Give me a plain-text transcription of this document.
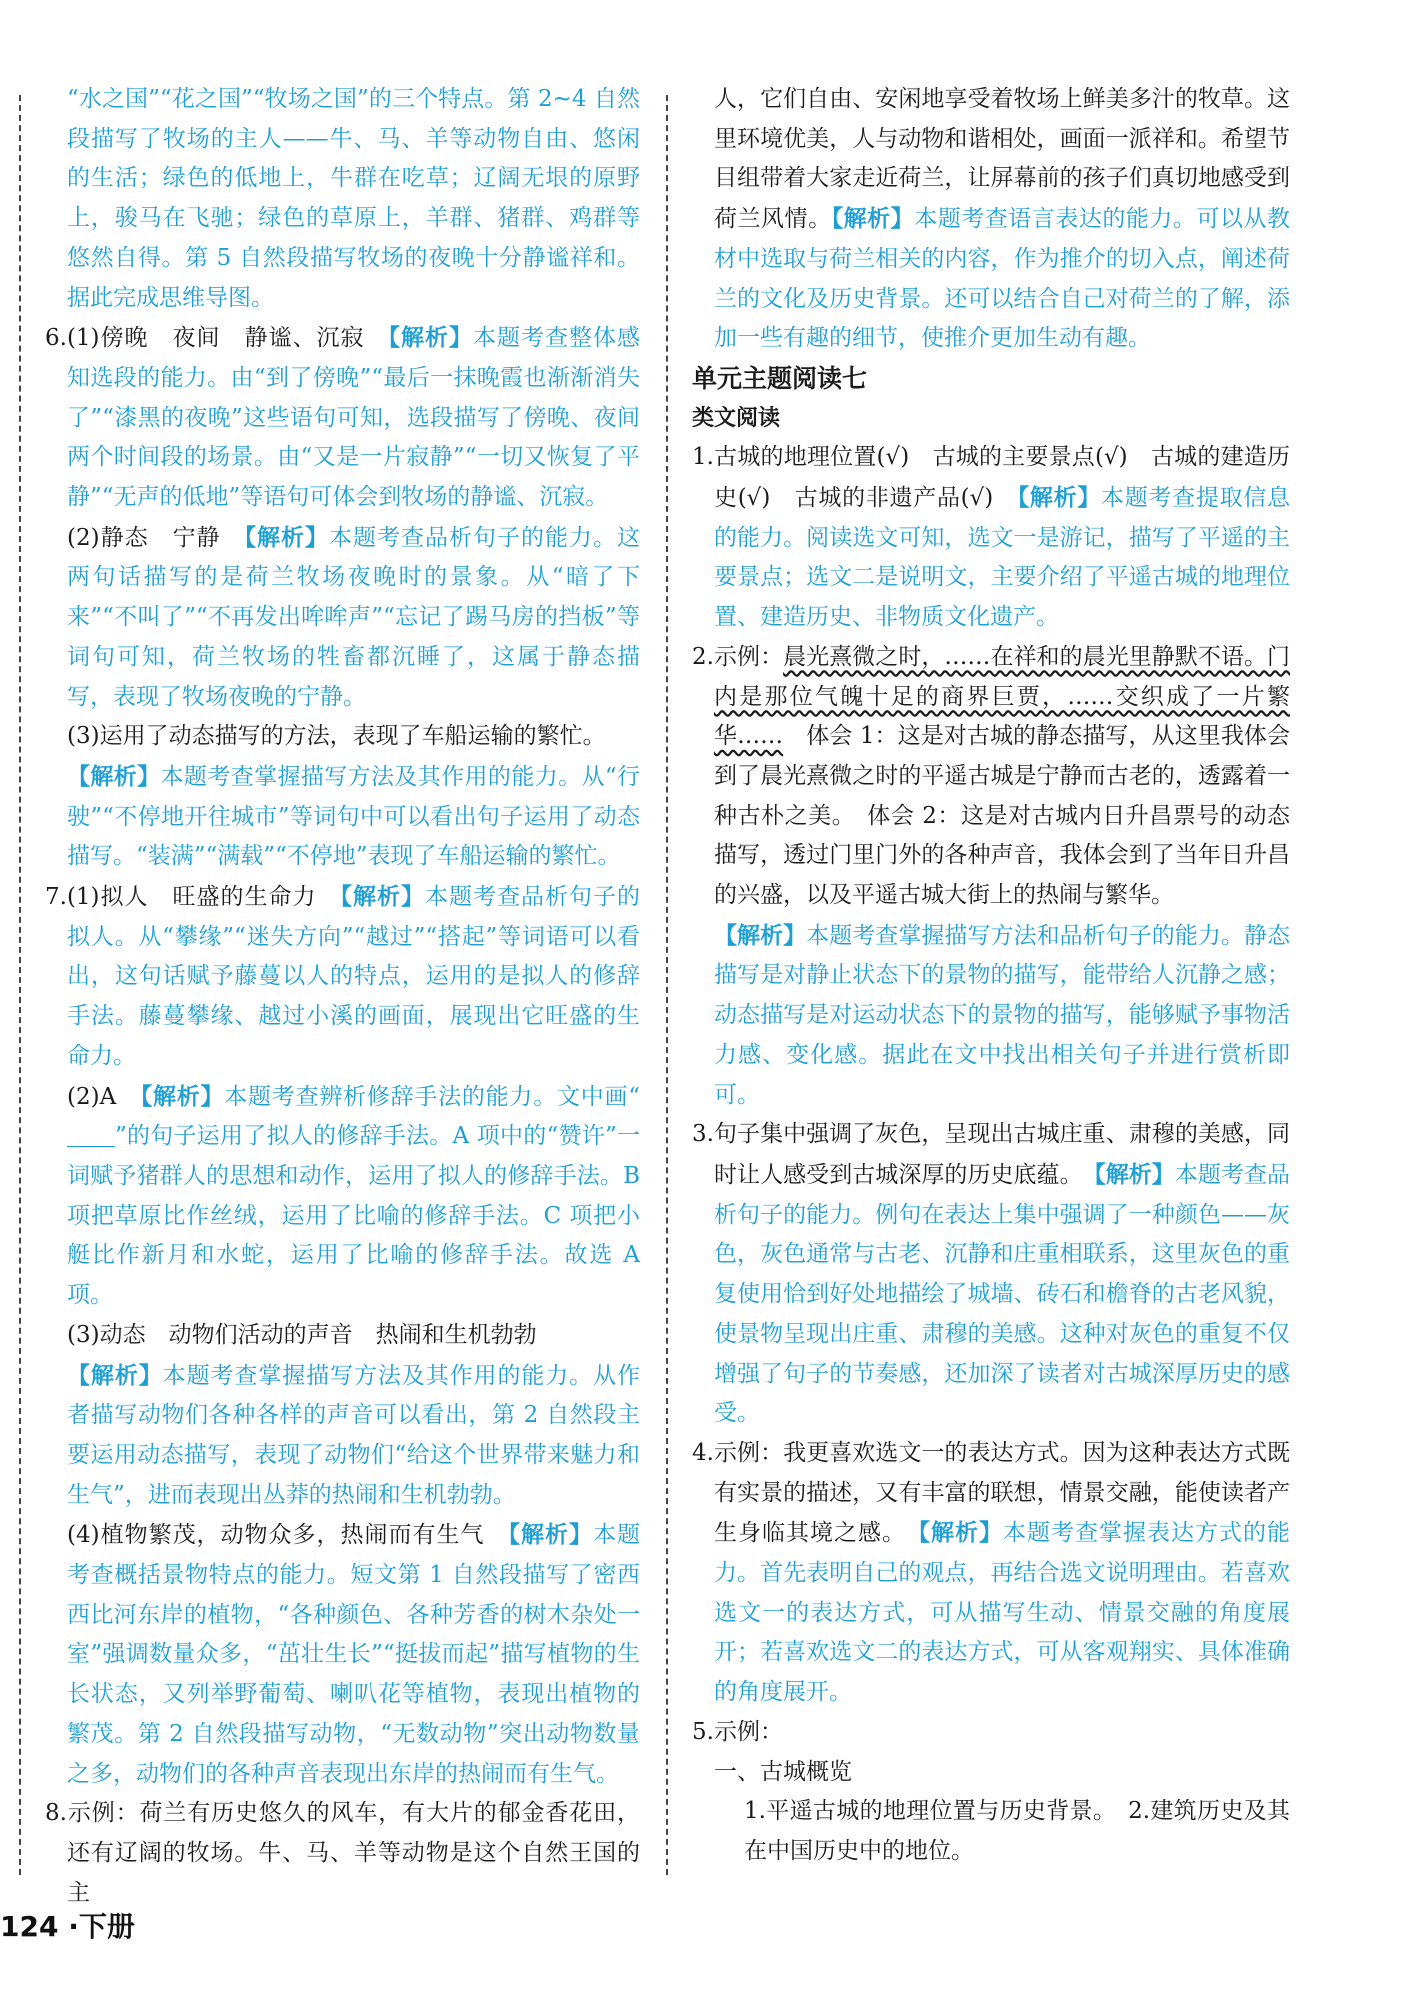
“水之国”“花之国”“牧场之国”的三个特点。第 2~4 自然段描写了牧场的主人——牛、马、羊等动物自由、悠闲的生活；绿色的低地上，牛群在吃草；辽阔无垠的原野上，骏马在飞驰；绿色的草原上，羊群、猪群、鸡群等悠然自得。第 5 自然段描写牧场的夜晚十分静谧祥和。据此完成思维导图。

6.(1)傍晚　夜间　静谧、沉寂　【解析】本题考查整体感知选段的能力。由“到了傍晚”“最后一抹晚霞也渐渐消失了”“漆黑的夜晚”这些语句可知，选段描写了傍晚、夜间两个时间段的场景。由“又是一片寂静”“一切又恢复了平静”“无声的低地”等语句可体会到牧场的静谧、沉寂。

(2)静态　宁静　【解析】本题考查品析句子的能力。这两句话描写的是荷兰牧场夜晚时的景象。从“暗了下来”“不叫了”“不再发出哞哞声”“忘记了踢马房的挡板”等词句可知，荷兰牧场的牲畜都沉睡了，这属于静态描写，表现了牧场夜晚的宁静。

(3)运用了动态描写的方法，表现了车船运输的繁忙。

【解析】本题考查掌握描写方法及其作用的能力。从“行驶”“不停地开往城市”等词句中可以看出句子运用了动态描写。“装满”“满载”“不停地”表现了车船运输的繁忙。

7.(1)拟人　旺盛的生命力　【解析】本题考查品析句子的拟人。从“攀缘”“迷失方向”“越过”“搭起”等词语可以看出，这句话赋予藤蔓以人的特点，运用的是拟人的修辞手法。藤蔓攀缘、越过小溪的画面，展现出它旺盛的生命力。

(2)A　【解析】本题考查辨析修辞手法的能力。文中画“”的句子运用了拟人的修辞手法。A 项中的“赞许”一词赋予猪群人的思想和动作，运用了拟人的修辞手法。B 项把草原比作丝绒，运用了比喻的修辞手法。C 项把小艇比作新月和水蛇，运用了比喻的修辞手法。故选 A 项。

(3)动态　动物们活动的声音　热闹和生机勃勃

【解析】本题考查掌握描写方法及其作用的能力。从作者描写动物们各种各样的声音可以看出，第 2 自然段主要运用动态描写，表现了动物们“给这个世界带来魅力和生气”，进而表现出丛莽的热闹和生机勃勃。

(4)植物繁茂，动物众多，热闹而有生气　【解析】本题考查概括景物特点的能力。短文第 1 自然段描写了密西西比河东岸的植物，“各种颜色、各种芳香的树木杂处一室”强调数量众多，“茁壮生长”“挺拔而起”描写植物的生长状态，又列举野葡萄、喇叭花等植物，表现出植物的繁茂。第 2 自然段描写动物，“无数动物”突出动物数量之多，动物们的各种声音表现出东岸的热闹而有生气。

8.示例：荷兰有历史悠久的风车，有大片的郁金香花田，还有辽阔的牧场。牛、马、羊等动物是这个自然王国的主

人，它们自由、安闲地享受着牧场上鲜美多汁的牧草。这里环境优美，人与动物和谐相处，画面一派祥和。希望节目组带着大家走近荷兰，让屏幕前的孩子们真切地感受到荷兰风情。【解析】本题考查语言表达的能力。可以从教材中选取与荷兰相关的内容，作为推介的切入点，阐述荷兰的文化及历史背景。还可以结合自己对荷兰的了解，添加一些有趣的细节，使推介更加生动有趣。

单元主题阅读七

类文阅读

1.古城的地理位置(√)　古城的主要景点(√)　古城的建造历史(√)　古城的非遗产品(√)　【解析】本题考查提取信息的能力。阅读选文可知，选文一是游记，描写了平遥的主要景点；选文二是说明文，主要介绍了平遥古城的地理位置、建造历史、非物质文化遗产。

2.示例：晨光熹微之时，……在祥和的晨光里静默不语。门内是那位气魄十足的商界巨贾，……交织成了一片繁华……　体会 1：这是对古城的静态描写，从这里我体会到了晨光熹微之时的平遥古城是宁静而古老的，透露着一种古朴之美。　体会 2：这是对古城内日升昌票号的动态描写，透过门里门外的各种声音，我体会到了当年日升昌的兴盛，以及平遥古城大街上的热闹与繁华。

【解析】本题考查掌握描写方法和品析句子的能力。静态描写是对静止状态下的景物的描写，能带给人沉静之感；动态描写是对运动状态下的景物的描写，能够赋予事物活力感、变化感。据此在文中找出相关句子并进行赏析即可。

3.句子集中强调了灰色，呈现出古城庄重、肃穆的美感，同时让人感受到古城深厚的历史底蕴。　【解析】本题考查品析句子的能力。例句在表达上集中强调了一种颜色——灰色，灰色通常与古老、沉静和庄重相联系，这里灰色的重复使用恰到好处地描绘了城墙、砖石和檐脊的古老风貌，使景物呈现出庄重、肃穆的美感。这种对灰色的重复不仅增强了句子的节奏感，还加深了读者对古城深厚历史的感受。

4.示例：我更喜欢选文一的表达方式。因为这种表达方式既有实景的描述，又有丰富的联想，情景交融，能使读者产生身临其境之感。　【解析】本题考查掌握表达方式的能力。首先表明自己的观点，再结合选文说明理由。若喜欢选文一的表达方式，可从描写生动、情景交融的角度展开；若喜欢选文二的表达方式，可从客观翔实、具体准确的角度展开。

5.示例：

一、古城概览

1.平遥古城的地理位置与历史背景。　2.建筑历史及其在中国历史中的地位。

124 ·下册
